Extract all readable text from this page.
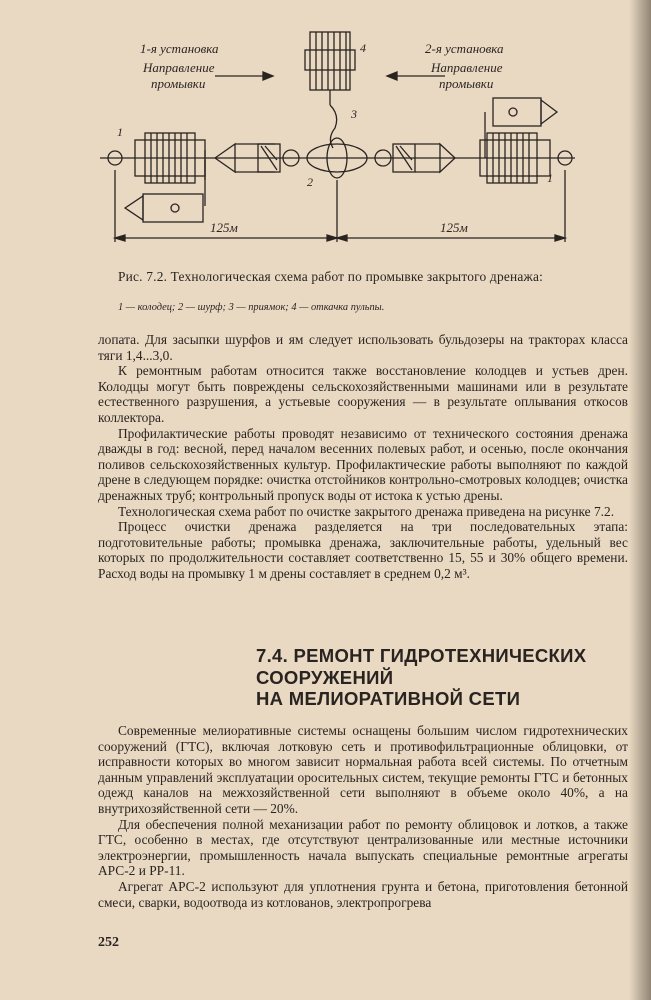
1-я установка
Направление
промывки
2-я установка
Направление
промывки
1
1
2
3
4
125м	125м
Рис. 7.2. Технологическая схема работ по промывке закрытого дренажа:
1 — колодец; 2 — шурф; 3 — приямок; 4 — откачка пульпы.

лопата. Для засыпки шурфов и ям следует использовать бульдозеры на тракторах класса тяги 1,4...3,0.

К ремонтным работам относится также восстановление колодцев и устьев дрен. Колодцы могут быть повреждены сельскохозяйственными машинами или в результате естественного разрушения, а устьевые сооружения — в результате оплывания откосов коллектора.

Профилактические работы проводят независимо от технического состояния дренажа дважды в год: весной, перед началом весенних полевых работ, и осенью, после окончания поливов сельскохозяйственных культур. Профилактические работы выполняют по каждой дрене в следующем порядке: очистка отстойников контрольно-смотровых колодцев; очистка дренажных труб; контрольный пропуск воды от истока к устью дрены.

Технологическая схема работ по очистке закрытого дренажа приведена на рисунке 7.2.

Процесс очистки дренажа разделяется на три последовательных этапа: подготовительные работы; промывка дренажа, заключительные работы, удельный вес которых по продолжительности составляет соответственно 15, 55 и 30% общего времени. Расход воды на промывку 1 м дрены составляет в среднем 0,2 м³.

7.4. РЕМОНТ ГИДРОТЕХНИЧЕСКИХ
СООРУЖЕНИЙ
НА МЕЛИОРАТИВНОЙ СЕТИ

Современные мелиоративные системы оснащены большим числом гидротехнических сооружений (ГТС), включая лотковую сеть и противофильтрационные облицовки, от исправности которых во многом зависит нормальная работа всей системы. По отчетным данным управлений эксплуатации оросительных систем, текущие ремонты ГТС и бетонных одежд каналов на межхозяйственной сети выполняют в объеме около 40%, а на внутрихозяйственной сети — 20%.

Для обеспечения полной механизации работ по ремонту облицовок и лотков, а также ГТС, особенно в местах, где отсутствуют централизованные или местные источники электроэнергии, промышленность начала выпускать специальные ремонтные агрегаты АРС-2 и РР-11.

Агрегат АРС-2 используют для уплотнения грунта и бетона, приготовления бетонной смеси, сварки, водоотвода из котлованов, электропрогрева

252
